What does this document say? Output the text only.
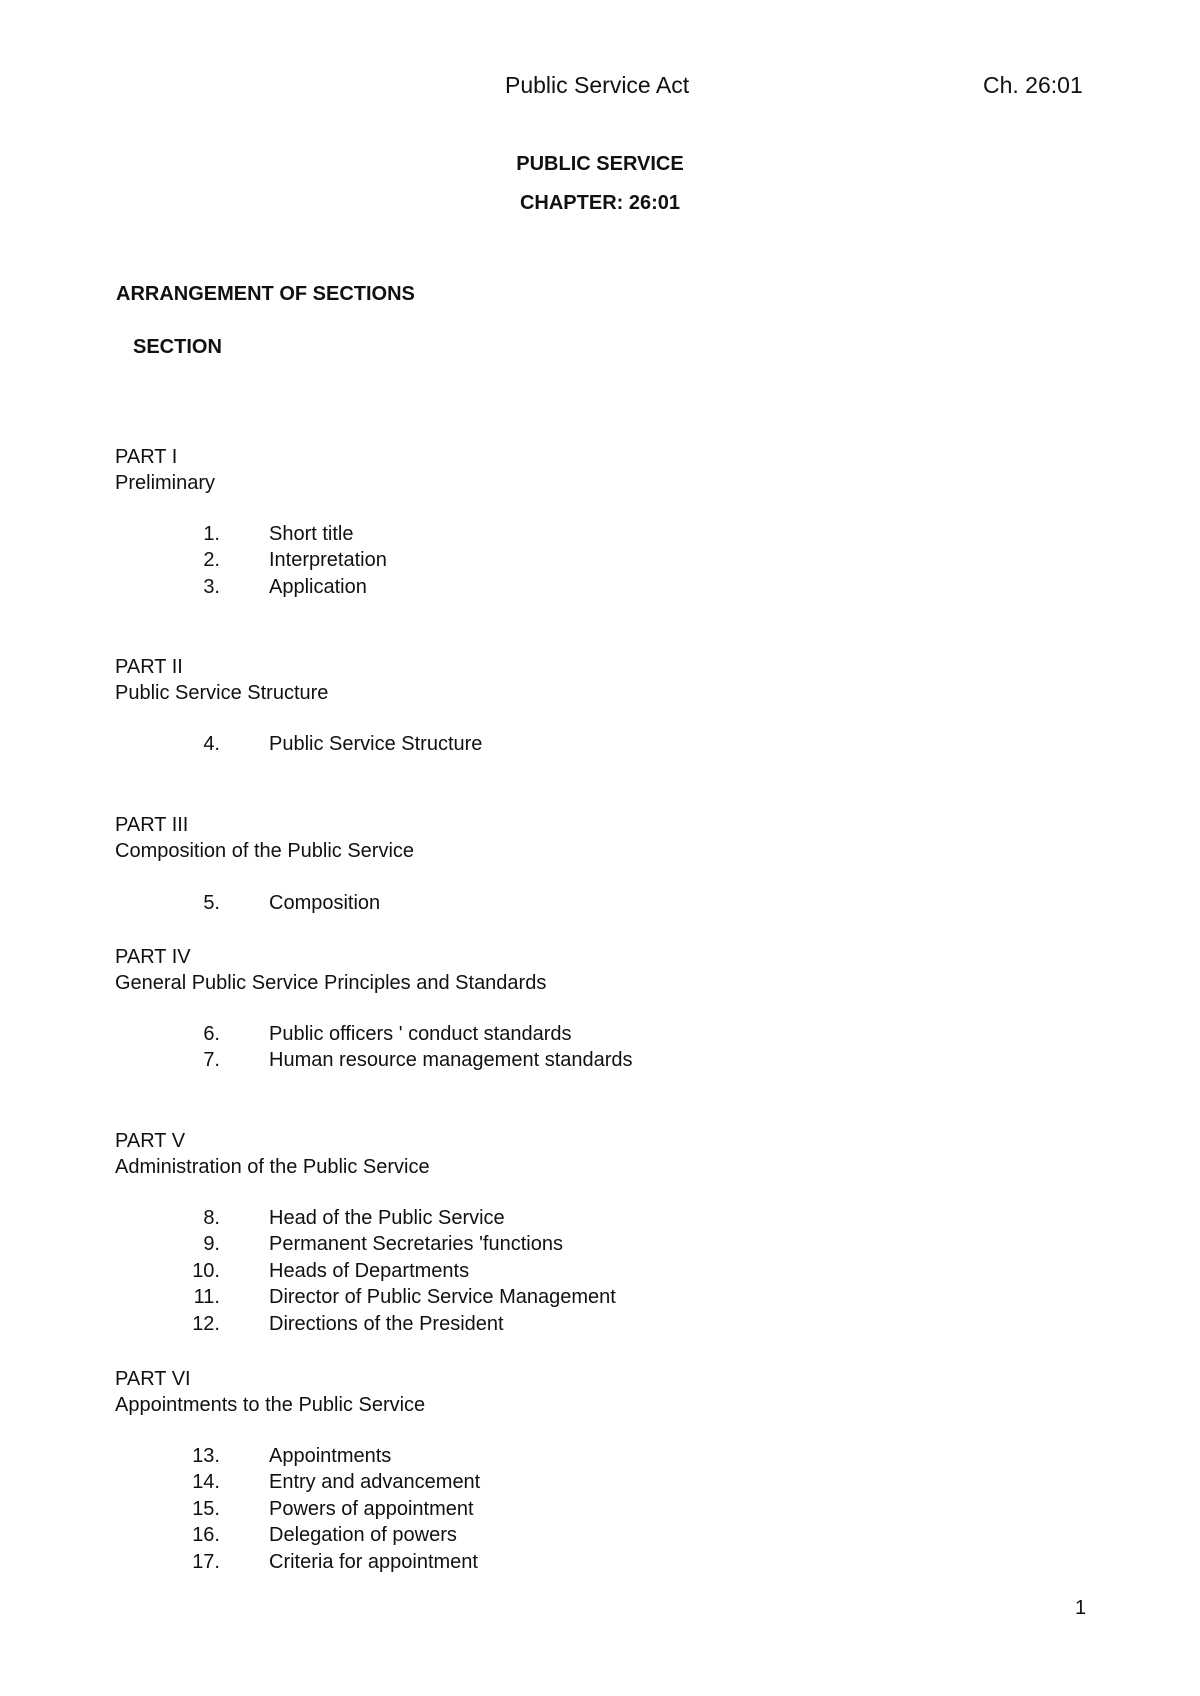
Public Service Act	Ch. 26:01
PUBLIC SERVICE
CHAPTER: 26:01
ARRANGEMENT OF SECTIONS
SECTION
PART I
Preliminary
1. Short title
2. Interpretation
3. Application
PART II
Public Service Structure
4. Public Service Structure
PART III
Composition of the Public Service
5. Composition
PART IV
General Public Service Principles and Standards
6. Public officers ' conduct standards
7. Human resource management standards
PART V
Administration of the Public Service
8. Head of the Public Service
9. Permanent Secretaries 'functions
10. Heads of Departments
11. Director of Public Service Management
12. Directions of the President
PART VI
Appointments to the Public Service
13. Appointments
14. Entry and advancement
15. Powers of appointment
16. Delegation of powers
17. Criteria for appointment
1
